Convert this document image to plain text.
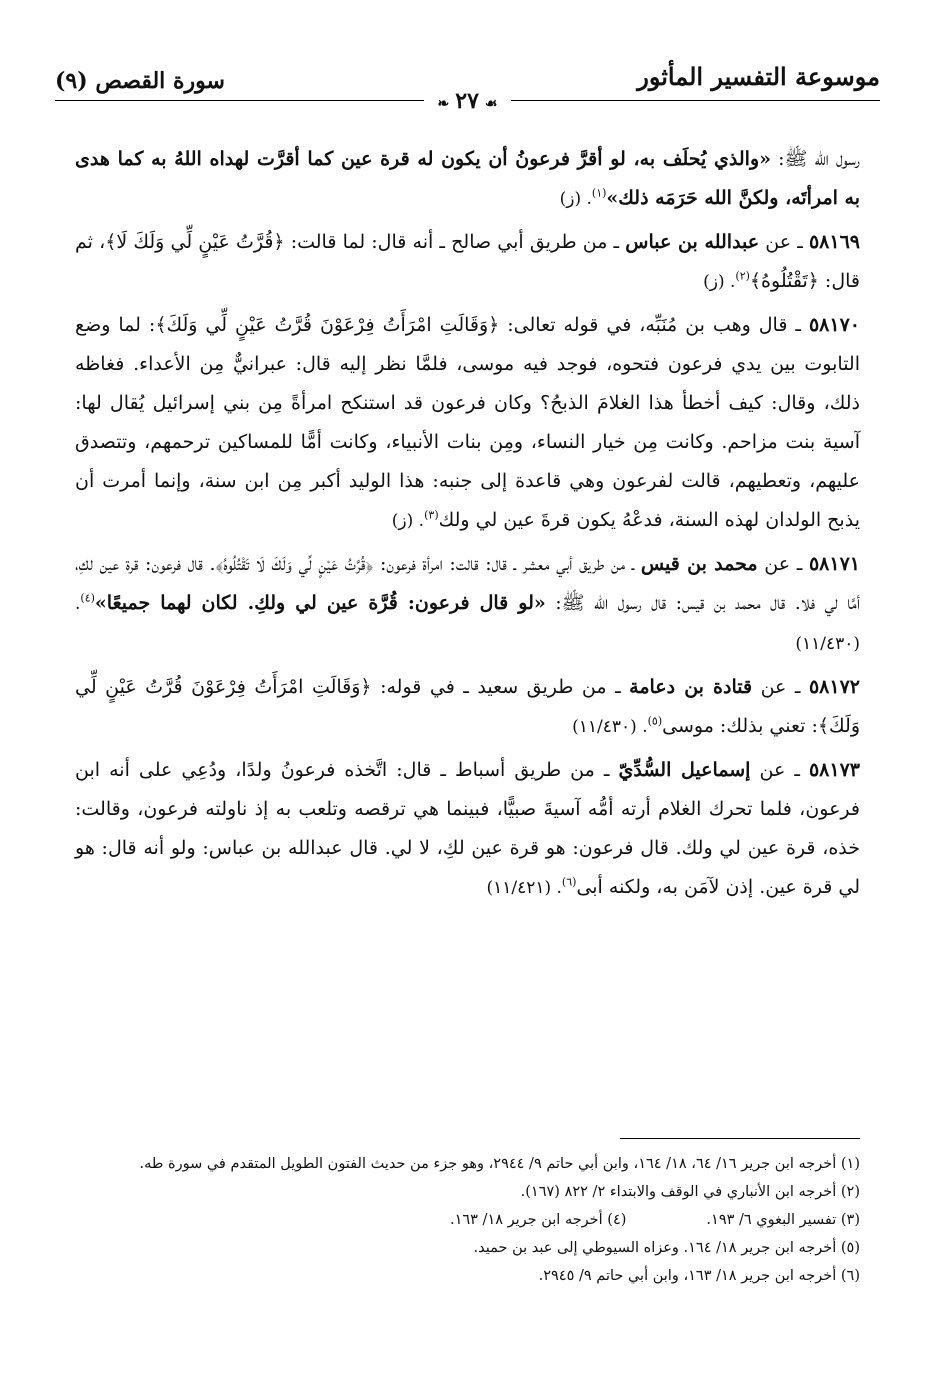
موسوعة التفسير المأثور
سورة القصص (٩)
❧ ٢٧ ☙

رسول الله ﷺ: «والذي يُحلَف به، لو أقرَّ فرعونُ أن يكون له قرة عين كما أقرَّت لهداه اللهُ به كما هدى به امرأتَه، ولكنَّ الله حَرَمَه ذلك»$^{(١)}$. (ز)

٥٨١٦٩ ـ عن عبدالله بن عباس ـ من طريق أبي صالح ـ أنه قال: لما قالت: ﴿قُرَّتُ عَيْنٍ لِّي وَلَكَ لَا﴾، ثم قال: ﴿تَقْتُلُوهُ﴾$^{(٢)}$. (ز)

٥٨١٧٠ ـ قال وهب بن مُنَبِّه، في قوله تعالى: ﴿وَقَالَتِ امْرَأَتُ فِرْعَوْنَ قُرَّتُ عَيْنٍ لِّي وَلَكَ﴾: لما وضع التابوت بين يدي فرعون فتحوه، فوجد فيه موسى، فلمَّا نظر إليه قال: عبرانيٌّ مِن الأعداء. فغاظه ذلك، وقال: كيف أخطأ هذا الغلامَ الذبحُ؟ وكان فرعون قد استنكح امرأةً مِن بني إسرائيل يُقال لها: آسية بنت مزاحم. وكانت مِن خيار النساء، ومِن بنات الأنبياء، وكانت أمًّا للمساكين ترحمهم، وتتصدق عليهم، وتعطيهم، قالت لفرعون وهي قاعدة إلى جنبه: هذا الوليد أكبر مِن ابن سنة، وإنما أمرت أن يذبح الولدان لهذه السنة، فدعْهُ يكون قرةَ عين لي ولك$^{(٣)}$. (ز)

٥٨١٧١ ـ عن محمد بن قيس ـ من طريق أبي معشر ـ قال: قالت: امرأة فرعون: ﴿قُرَّتُ عَيْنٍ لِّي وَلَكَ لَا تَقْتُلُوهُ﴾. قال فرعون: قرة عين لكِ، أمَّا لي فلا. قال محمد بن قيس: قال رسول الله ﷺ: «لو قال فرعون: قُرَّة عين لي ولكِ. لكان لهما جميعًا»$^{(٤)}$. (١١/٤٣٠)

٥٨١٧٢ ـ عن قتادة بن دعامة ـ من طريق سعيد ـ في قوله: ﴿وَقَالَتِ امْرَأَتُ فِرْعَوْنَ قُرَّتُ عَيْنٍ لِّي وَلَكَ﴾: تعني بذلك: موسى$^{(٥)}$. (١١/٤٣٠)

٥٨١٧٣ ـ عن إسماعيل السُّدِّيّ ـ من طريق أسباط ـ قال: اتَّخذه فرعونُ ولدًا، ودُعِي على أنه ابن فرعون، فلما تحرك الغلام أرته أمُّه آسيةَ صبيًّا، فبينما هي ترقصه وتلعب به إذ ناولته فرعون، وقالت: خذه، قرة عين لي ولك. قال فرعون: هو قرة عين لكِ، لا لي. قال عبدالله بن عباس: ولو أنه قال: هو لي قرة عين. إذن لآمَن به، ولكنه أبى$^{(٦)}$. (١١/٤٢١)

(١) أخرجه ابن جرير ١٦/ ٦٤، ١٨/ ١٦٤، وابن أبي حاتم ٩/ ٢٩٤٤، وهو جزء من حديث الفتون الطويل المتقدم في سورة طه.

(٢) أخرجه ابن الأنباري في الوقف والابتداء ٢/ ٨٢٢ (١٦٧).

(٣) تفسير البغوي ٦/ ١٩٣.
(٤) أخرجه ابن جرير ١٨/ ١٦٣.

(٥) أخرجه ابن جرير ١٨/ ١٦٤. وعزاه السيوطي إلى عبد بن حميد.

(٦) أخرجه ابن جرير ١٨/ ١٦٣، وابن أبي حاتم ٩/ ٢٩٤٥.
